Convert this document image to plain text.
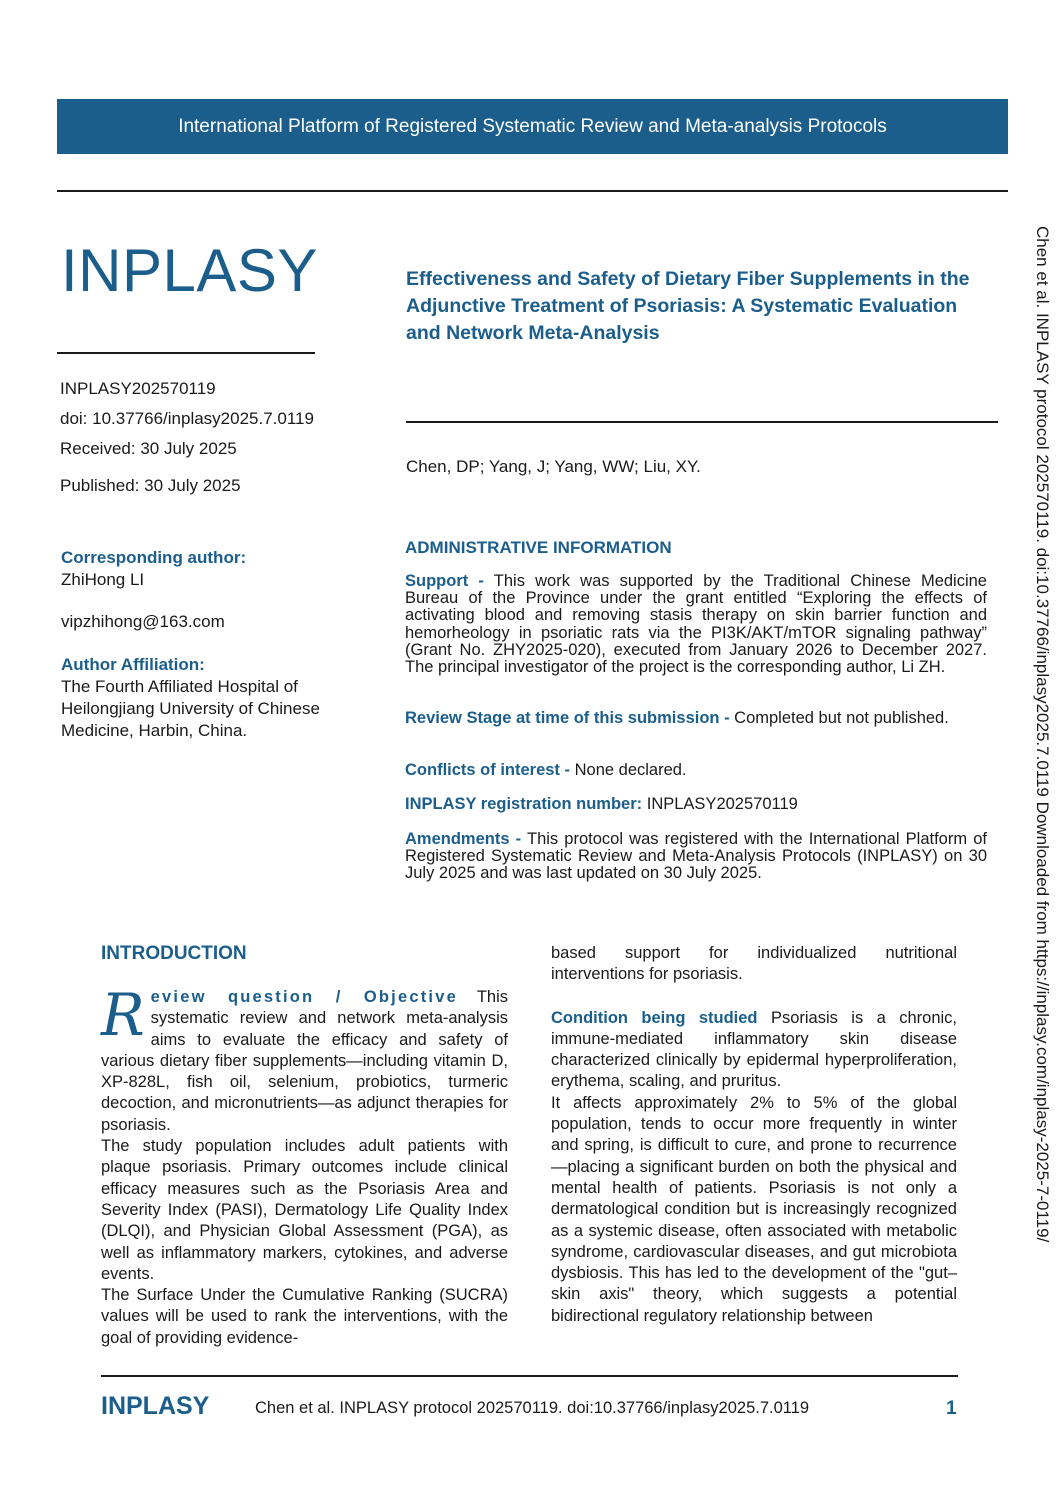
International Platform of Registered Systematic Review and Meta-analysis Protocols
INPLASY
INPLASY202570119
doi: 10.37766/inplasy2025.7.0119
Received: 30 July 2025
Published: 30 July 2025
Effectiveness and Safety of Dietary Fiber Supplements in the Adjunctive Treatment of Psoriasis: A Systematic Evaluation and Network Meta-Analysis
Chen, DP; Yang, J; Yang, WW; Liu, XY.
Corresponding author:
ZhiHong LI
vipzhihong@163.com
Author Affiliation:
The Fourth Affiliated Hospital of Heilongjiang University of Chinese Medicine, Harbin, China.
ADMINISTRATIVE INFORMATION
Support - This work was supported by the Traditional Chinese Medicine Bureau of the Province under the grant entitled “Exploring the effects of activating blood and removing stasis therapy on skin barrier function and hemorheology in psoriatic rats via the PI3K/AKT/mTOR signaling pathway” (Grant No. ZHY2025-020), executed from January 2026 to December 2027. The principal investigator of the project is the corresponding author, Li ZH.
Review Stage at time of this submission - Completed but not published.
Conflicts of interest - None declared.
INPLASY registration number: INPLASY202570119
Amendments - This protocol was registered with the International Platform of Registered Systematic Review and Meta-Analysis Protocols (INPLASY) on 30 July 2025 and was last updated on 30 July 2025.
INTRODUCTION

R eview question / Objective This systematic review and network meta-analysis aims to evaluate the efficacy and safety of various dietary fiber supplements—including vitamin D, XP-828L, fish oil, selenium, probiotics, turmeric decoction, and micronutrients—as adjunct therapies for psoriasis.

The study population includes adult patients with plaque psoriasis. Primary outcomes include clinical efficacy measures such as the Psoriasis Area and Severity Index (PASI), Dermatology Life Quality Index (DLQI), and Physician Global Assessment (PGA), as well as inflammatory markers, cytokines, and adverse events.

The Surface Under the Cumulative Ranking (SUCRA) values will be used to rank the interventions, with the goal of providing evidence-

based support for individualized nutritional interventions for psoriasis.

Condition being studied Psoriasis is a chronic, immune-mediated inflammatory skin disease characterized clinically by epidermal hyperproliferation, erythema, scaling, and pruritus.

It affects approximately 2% to 5% of the global population, tends to occur more frequently in winter and spring, is difficult to cure, and prone to recurrence—placing a significant burden on both the physical and mental health of patients. Psoriasis is not only a dermatological condition but is increasingly recognized as a systemic disease, often associated with metabolic syndrome, cardiovascular diseases, and gut microbiota dysbiosis. This has led to the development of the "gut–skin axis" theory, which suggests a potential bidirectional regulatory relationship between

Chen et al. INPLASY protocol 202570119. doi:10.37766/inplasy2025.7.0119 Downloaded from https://inplasy.com/inplasy-2025-7-0119/
INPLASY	Chen et al. INPLASY protocol 202570119. doi:10.37766/inplasy2025.7.0119	1
